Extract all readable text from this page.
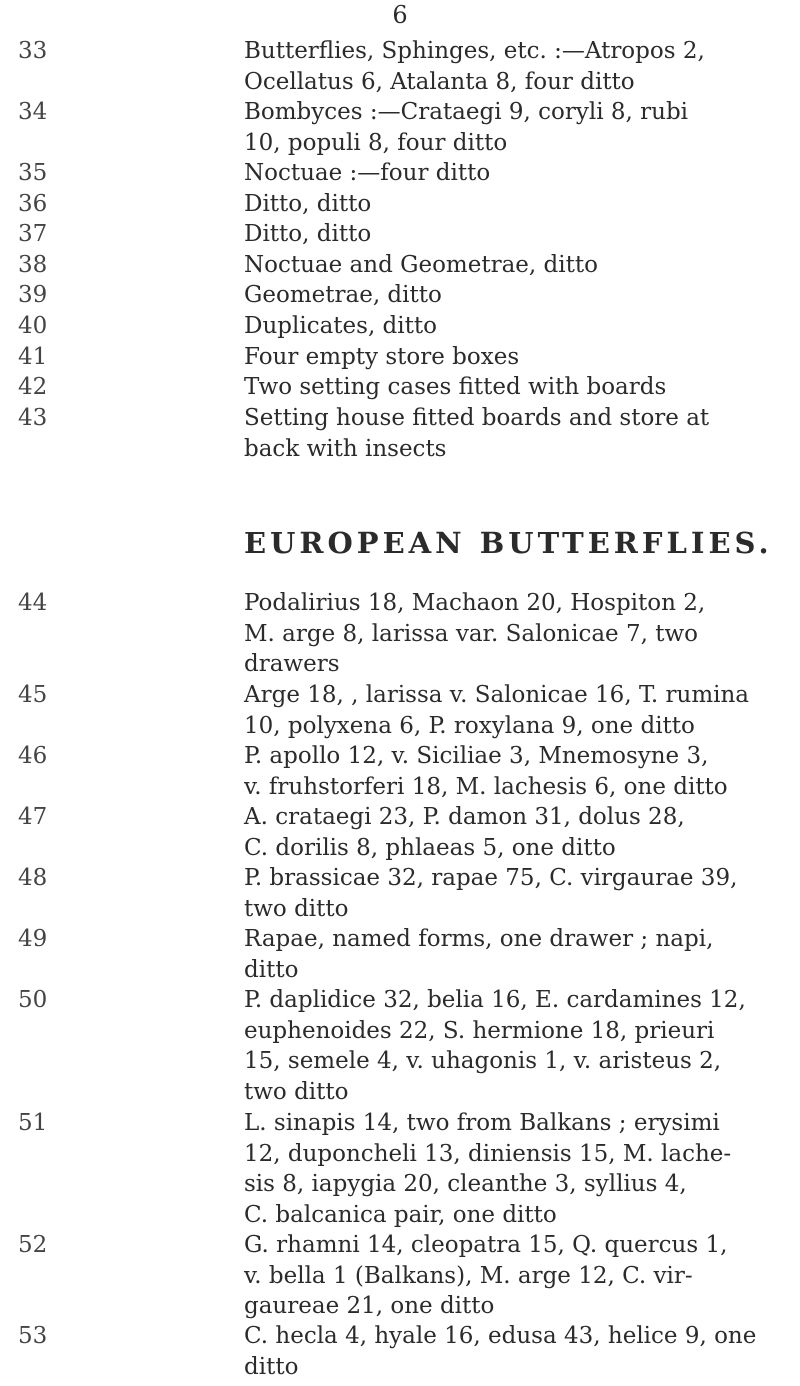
6
33	Butterflies, Sphinges, etc. :—Atropos 2,
Ocellatus 6, Atalanta 8, four ditto
34	Bombyces :—Crataegi 9, coryli 8, rubi
10, populi 8, four ditto
35	Noctuae :—four ditto
36	Ditto, ditto
37	Ditto, ditto
38	Noctuae and Geometrae, ditto
39	Geometrae, ditto
40	Duplicates, ditto
41	Four empty store boxes
42	Two setting cases fitted with boards
43	Setting house fitted boards and store at
back with insects
EUROPEAN BUTTERFLIES.
44	Podalirius 18, Machaon 20, Hospiton 2,
M. arge 8, larissa var. Salonicae 7, two
drawers
45	Arge 18, , larissa v. Salonicae 16, T. rumina
10, polyxena 6, P. roxylana 9, one ditto
46	P. apollo 12, v. Siciliae 3, Mnemosyne 3,
v. fruhstorferi 18, M. lachesis 6, one ditto
47	A. crataegi 23, P. damon 31, dolus 28,
C. dorilis 8, phlaeas 5, one ditto
48	P. brassicae 32, rapae 75, C. virgaurae 39,
two ditto
49	Rapae, named forms, one drawer ; napi,
ditto
50	P. daplidice 32, belia 16, E. cardamines 12,
euphenoides 22, S. hermione 18, prieuri
15, semele 4, v. uhagonis 1, v. aristeus 2,
two ditto
51	L. sinapis 14, two from Balkans ; erysimi
12, duponcheli 13, diniensis 15, M. lache-
sis 8, iapygia 20, cleanthe 3, syllius 4,
C. balcanica pair, one ditto
52	G. rhamni 14, cleopatra 15, Q. quercus 1,
v. bella 1 (Balkans), M. arge 12, C. vir-
gaureae 21, one ditto
53	C. hecla 4, hyale 16, edusa 43, helice 9, one
ditto
